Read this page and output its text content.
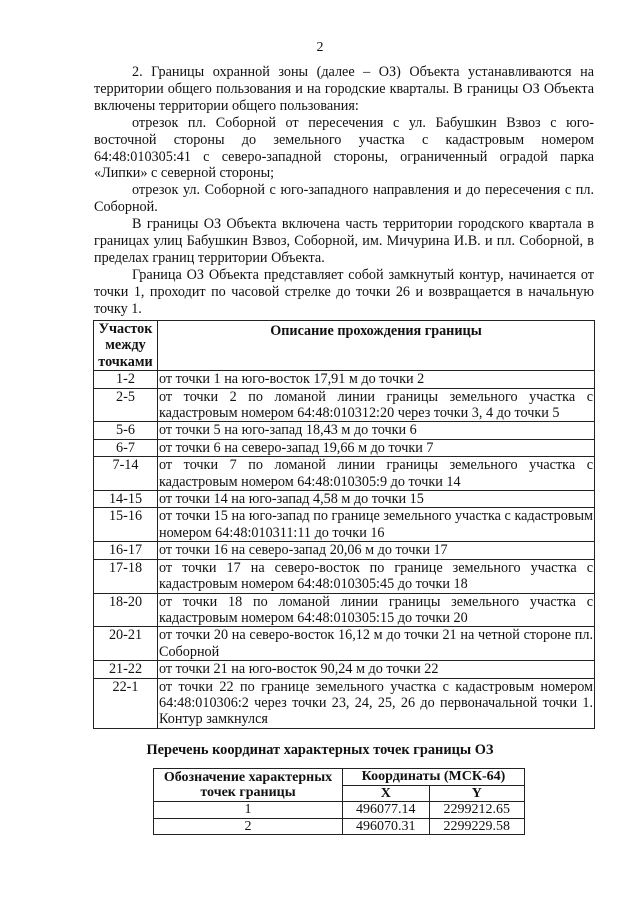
2

2. Границы охранной зоны (далее – ОЗ) Объекта устанавливаются на территории общего пользования и на городские кварталы. В границы ОЗ Объекта включены территории общего пользования:

отрезок пл. Соборной от пересечения с ул. Бабушкин Взвоз с юго-восточной стороны до земельного участка с кадастровым номером 64:48:010305:41 с северо-западной стороны, ограниченный оградой парка «Липки» с северной стороны;

отрезок ул. Соборной с юго-западного направления и до пересечения с пл. Соборной.

В границы ОЗ Объекта включена часть территории городского квартала в границах улиц Бабушкин Взвоз, Соборной, им. Мичурина И.В. и пл. Соборной, в пределах границ территории Объекта.

Граница ОЗ Объекта представляет собой замкнутый контур, начинается от точки 1, проходит по часовой стрелке до точки 26 и возвращается в начальную точку 1.

Участок между точками	Описание прохождения границы
1-2	от точки 1 на юго-восток 17,91 м до точки 2
2-5	от точки 2 по ломаной линии границы земельного участка с кадастровым номером 64:48:010312:20 через точки 3, 4 до точки 5
5-6	от точки 5 на юго-запад 18,43 м до точки 6
6-7	от точки 6 на северо-запад 19,66 м до точки 7
7-14	от точки 7 по ломаной линии границы земельного участка с кадастровым номером 64:48:010305:9 до точки 14
14-15	от точки 14 на юго-запад 4,58 м до точки 15
15-16	от точки 15 на юго-запад по границе земельного участка с кадастровым номером 64:48:010311:11 до точки 16
16-17	от точки 16 на северо-запад 20,06 м до точки 17
17-18	от точки 17 на северо-восток по границе земельного участка с кадастровым номером 64:48:010305:45 до точки 18
18-20	от точки 18 по ломаной линии границы земельного участка с кадастровым номером 64:48:010305:15 до точки 20
20-21	от точки 20 на северо-восток 16,12 м до точки 21 на четной стороне пл. Соборной
21-22	от точки 21 на юго-восток 90,24 м до точки 22
22-1	от точки 22 по границе земельного участка с кадастровым номером 64:48:010306:2 через точки 23, 24, 25, 26 до первоначальной точки 1. Контур замкнулся
Перечень координат характерных точек границы ОЗ
Обозначение характерных точек границы	Координаты (МСК-64)	
	X	Y
1	496077.14	2299212.65
2	496070.31	2299229.58
